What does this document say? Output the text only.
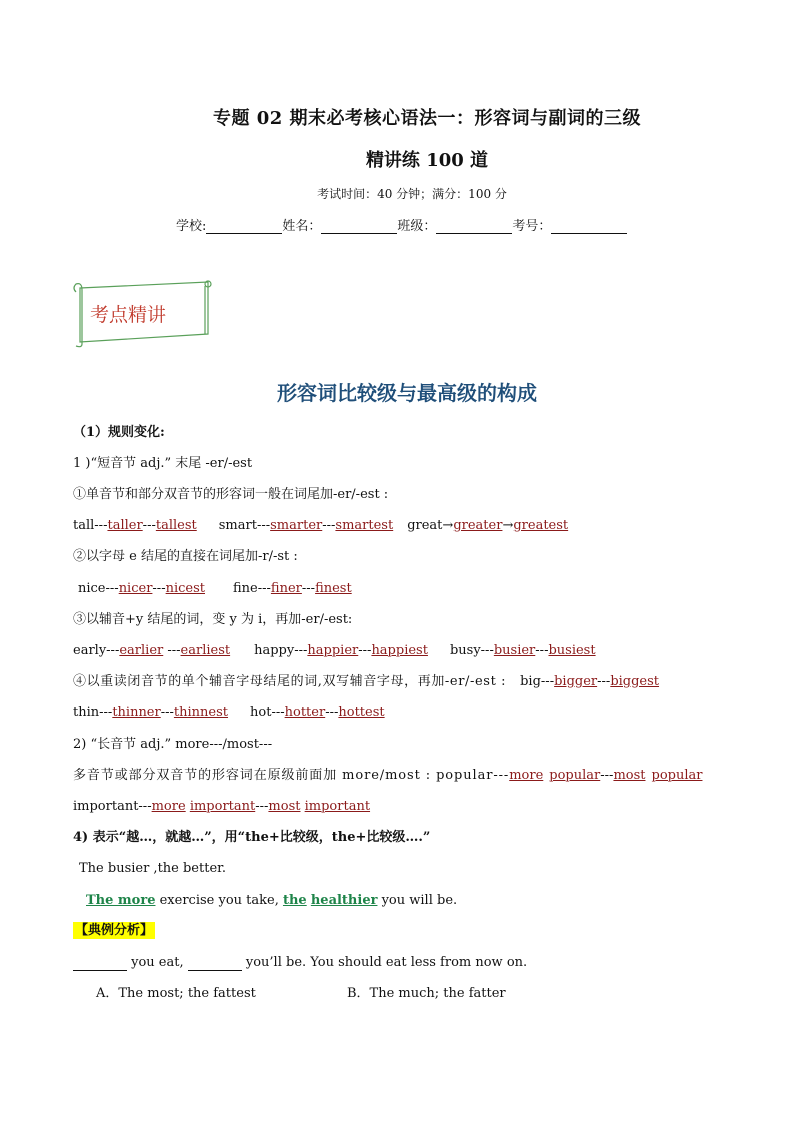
专题 02 期末必考核心语法一：形容词与副词的三级
精讲练 100 道
考试时间：40 分钟；满分：100 分
学校:	姓名：	班级：	考号：
考点精讲
形容词比较级与最高级的构成
（1）规则变化:
1 )“短音节 adj.” 末尾 -er/-est
①单音节和部分双音节的形容词一般在词尾加-er/-est :
tall---taller---tallest smart---smarter---smartest great→greater→greatest
②以字母 e 结尾的直接在词尾加-r/-st :
nice---nicer---nicest fine---finer---finest
③以辅音+y 结尾的词，变 y 为 i，再加-er/-est:
early---earlier ---earliest happy---happier---happiest busy---busier---busiest
④以重读闭音节的单个辅音字母结尾的词,双写辅音字母，再加-er/-est : big---bigger---biggest
thin---thinner---thinnest hot---hotter---hottest
2) “长音节 adj.” more---/most---
多音节或部分双音节的形容词在原级前面加 more/most : popular---more popular---most popular
important---more important---most important
4) 表示“越…，就越…”，用“the+比较级，the+比较级….”
The busier ,the better.
The more exercise you take, the healthier you will be.
【典例分析】
you eat,	you’ll be. You should eat less from now on.
A．The most; the fattest	B．The much; the fatter
